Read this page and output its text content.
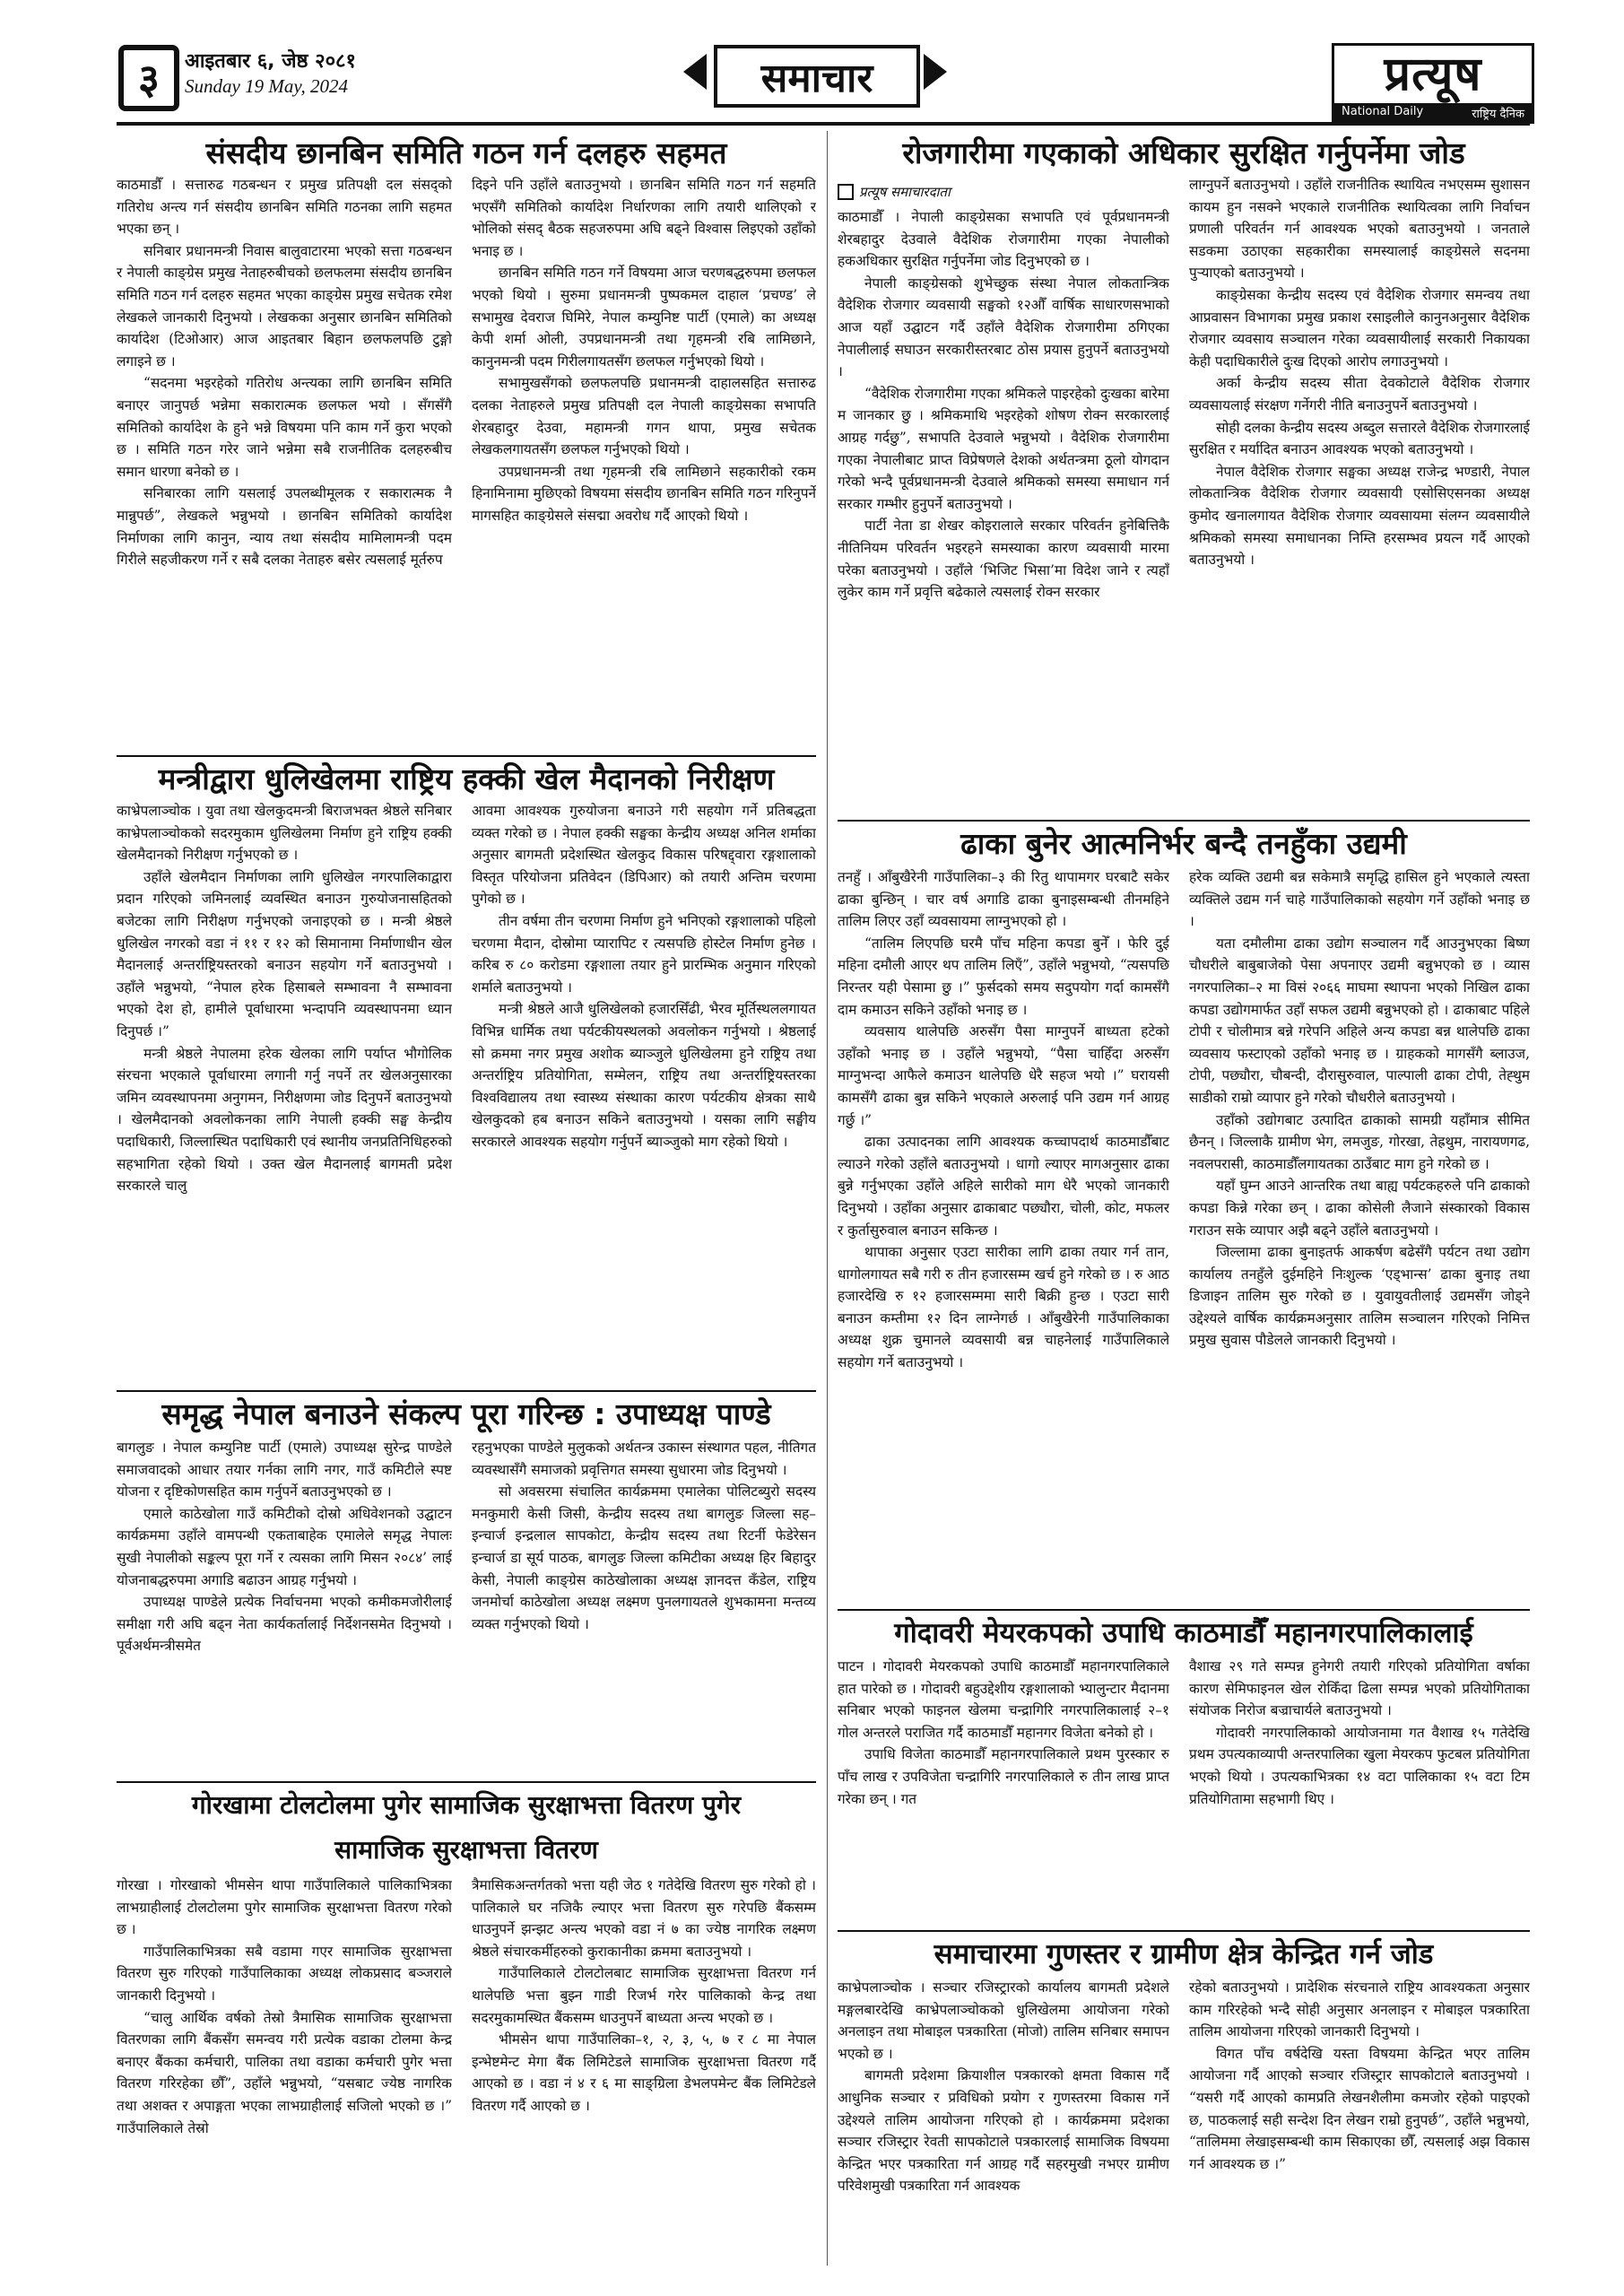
३ आइतबार ६, जेष्ठ २०८१
Sunday 19 May, 2024	समाचार	प्रत्यूष
National Daily	राष्ट्रिय दैनिक
संसदीय छानबिन समिति गठन गर्न दलहरु सहमत

काठमाडौँ । सत्तारुढ गठबन्धन र प्रमुख प्रतिपक्षी दल संसद्को गतिरोध अन्त्य गर्न संसदीय छानबिन समिति गठनका लागि सहमत भएका छन् ।

सनिबार प्रधानमन्त्री निवास बालुवाटारमा भएको सत्ता गठबन्धन र नेपाली काङ्ग्रेस प्रमुख नेताहरुबीचको छलफलमा संसदीय छानबिन समिति गठन गर्न दलहरु सहमत भएका काङ्ग्रेस प्रमुख सचेतक रमेश लेखकले जानकारी दिनुभयो । लेखकका अनुसार छानबिन समितिको कार्यादेश (टिओआर) आज आइतबार बिहान छलफलपछि टुङ्गो लगाइने छ ।

“सदनमा भइरहेको गतिरोध अन्त्यका लागि छानबिन समिति बनाएर जानुपर्छ भन्नेमा सकारात्मक छलफल भयो । सँगसँगै समितिको कार्यादेश के हुने भन्ने विषयमा पनि काम गर्ने कुरा भएको छ । समिति गठन गरेर जाने भन्नेमा सबै राजनीतिक दलहरुबीच समान धारणा बनेको छ ।

सनिबारका लागि यसलाई उपलब्धीमूलक र सकारात्मक नै मान्नुपर्छ”, लेखकले भन्नुभयो । छानबिन समितिको कार्यादेश निर्माणका लागि कानुन, न्याय तथा संसदीय मामिलामन्त्री पदम गिरीले सहजीकरण गर्ने र सबै दलका नेताहरु बसेर त्यसलाई मूर्तरुप

दिइने पनि उहाँले बताउनुभयो । छानबिन समिति गठन गर्न सहमति भएसँगै समितिको कार्यादेश निर्धारणका लागि तयारी थालिएको र भोलिको संसद् बैठक सहजरुपमा अघि बढ्ने विश्वास लिइएको उहाँको भनाइ छ ।

छानबिन समिति गठन गर्ने विषयमा आज चरणबद्धरुपमा छलफल भएको थियो । सुरुमा प्रधानमन्त्री पुष्पकमल दाहाल ‘प्रचण्ड’ ले सभामुख देवराज घिमिरे, नेपाल कम्युनिष्ट पार्टी (एमाले) का अध्यक्ष केपी शर्मा ओली, उपप्रधानमन्त्री तथा गृहमन्त्री रबि लामिछाने, कानुनमन्त्री पदम गिरीलगायतसँग छलफल गर्नुभएको थियो ।

सभामुखसँगको छलफलपछि प्रधानमन्त्री दाहालसहित सत्तारुढ दलका नेताहरुले प्रमुख प्रतिपक्षी दल नेपाली काङ्ग्रेसका सभापति शेरबहादुर देउवा, महामन्त्री गगन थापा, प्रमुख सचेतक लेखकलगायतसँग छलफल गर्नुभएको थियो ।

उपप्रधानमन्त्री तथा गृहमन्त्री रबि लामिछाने सहकारीको रकम हिनामिनामा मुछिएको विषयमा संसदीय छानबिन समिति गठन गरिनुपर्ने मागसहित काङ्ग्रेसले संसद्मा अवरोध गर्दै आएको थियो ।

मन्त्रीद्वारा धुलिखेलमा राष्ट्रिय हक्की खेल मैदानको निरीक्षण

काभ्रेपलाञ्चोक । युवा तथा खेलकुदमन्त्री बिराजभक्त श्रेष्ठले सनिबार काभ्रेपलाञ्चोकको सदरमुकाम धुलिखेलमा निर्माण हुने राष्ट्रिय हक्की खेलमैदानको निरीक्षण गर्नुभएको छ ।

उहाँले खेलमैदान निर्माणका लागि धुलिखेल नगरपालिकाद्वारा प्रदान गरिएको जमिनलाई व्यवस्थित बनाउन गुरुयोजनासहितको बजेटका लागि निरीक्षण गर्नुभएको जनाइएको छ । मन्त्री श्रेष्ठले धुलिखेल नगरको वडा नं ११ र १२ को सिमानामा निर्माणाधीन खेल मैदानलाई अन्तर्राष्ट्रियस्तरको बनाउन सहयोग गर्ने बताउनुभयो । उहाँले भन्नुभयो, “नेपाल हरेक हिसाबले सम्भावना नै सम्भावना भएको देश हो, हामीले पूर्वाधारमा भन्दापनि व्यवस्थापनमा ध्यान दिनुपर्छ ।”

मन्त्री श्रेष्ठले नेपालमा हरेक खेलका लागि पर्याप्त भौगोलिक संरचना भएकाले पूर्वाधारमा लगानी गर्नु नपर्ने तर खेलअनुसारका जमिन व्यवस्थापनमा अनुगमन, निरीक्षणमा जोड दिनुपर्ने बताउनुभयो । खेलमैदानको अवलोकनका लागि नेपाली हक्की सङ्घ केन्द्रीय पदाधिकारी, जिल्लास्थित पदाधिकारी एवं स्थानीय जनप्रतिनिधिहरुको सहभागिता रहेको थियो । उक्त खेल मैदानलाई बागमती प्रदेश सरकारले चालु

आवमा आवश्यक गुरुयोजना बनाउने गरी सहयोग गर्ने प्रतिबद्धता व्यक्त गरेको छ । नेपाल हक्की सङ्घका केन्द्रीय अध्यक्ष अनिल शर्माका अनुसार बागमती प्रदेशस्थित खेलकुद विकास परिषद्द्वारा रङ्गशालाको विस्तृत परियोजना प्रतिवेदन (डिपिआर) को तयारी अन्तिम चरणमा पुगेको छ ।

तीन वर्षमा तीन चरणमा निर्माण हुने भनिएको रङ्गशालाको पहिलो चरणमा मैदान, दोस्रोमा प्यारापिट र त्यसपछि होस्टेल निर्माण हुनेछ । करिब रु ८० करोडमा रङ्गशाला तयार हुने प्रारम्भिक अनुमान गरिएको शर्माले बताउनुभयो ।

मन्त्री श्रेष्ठले आजै धुलिखेलको हजारसिँढी, भैरव मूर्तिस्थललगायत विभिन्न धार्मिक तथा पर्यटकीयस्थलको अवलोकन गर्नुभयो । श्रेष्ठलाई सो क्रममा नगर प्रमुख अशोक ब्याञ्जुले धुलिखेलमा हुने राष्ट्रिय तथा अन्तर्राष्ट्रिय प्रतियोगिता, सम्मेलन, राष्ट्रिय तथा अन्तर्राष्ट्रियस्तरका विश्वविद्यालय तथा स्वास्थ्य संस्थाका कारण पर्यटकीय क्षेत्रका साथै खेलकुदको हब बनाउन सकिने बताउनुभयो । यसका लागि सङ्घीय सरकारले आवश्यक सहयोग गर्नुपर्ने ब्याञ्जुको माग रहेको थियो ।

समृद्ध नेपाल बनाउने संकल्प पूरा गरिन्छ : उपाध्यक्ष पाण्डे

बागलुङ । नेपाल कम्युनिष्ट पार्टी (एमाले) उपाध्यक्ष सुरेन्द्र पाण्डेले समाजवादको आधार तयार गर्नका लागि नगर, गाउँ कमिटीले स्पष्ट योजना र दृष्टिकोणसहित काम गर्नुपर्ने बताउनुभएको छ ।

एमाले काठेखोला गाउँ कमिटीको दोस्रो अधिवेशनको उद्घाटन कार्यक्रममा उहाँले वामपन्थी एकताबाहेक एमालेले समृद्ध नेपालः सुखी नेपालीको सङ्कल्प पूरा गर्ने र त्यसका लागि मिसन २०८४’ लाई योजनाबद्धरुपमा अगाडि बढाउन आग्रह गर्नुभयो ।

उपाध्यक्ष पाण्डेले प्रत्येक निर्वाचनमा भएको कमीकमजोरीलाई समीक्षा गरी अघि बढ्न नेता कार्यकर्तालाई निर्देशनसमेत दिनुभयो । पूर्वअर्थमन्त्रीसमेत

रहनुभएका पाण्डेले मुलुकको अर्थतन्त्र उकास्न संस्थागत पहल, नीतिगत व्यवस्थासँगै समाजको प्रवृत्तिगत समस्या सुधारमा जोड दिनुभयो ।

सो अवसरमा संचालित कार्यक्रममा एमालेका पोलिटब्युरो सदस्य मनकुमारी केसी जिसी, केन्द्रीय सदस्य तथा बागलुङ जिल्ला सह–इन्चार्ज इन्द्रलाल सापकोटा, केन्द्रीय सदस्य तथा रिटर्नी फेडेरेसन इन्चार्ज डा सूर्य पाठक, बागलुङ जिल्ला कमिटीका अध्यक्ष हिर बिहादुर केसी, नेपाली काङ्ग्रेस काठेखोलाका अध्यक्ष ज्ञानदत्त कँडेल, राष्ट्रिय जनमोर्चा काठेखोला अध्यक्ष लक्ष्मण पुनलगायतले शुभकामना मन्तव्य व्यक्त गर्नुभएको थियो ।

गोरखामा टोलटोलमा पुगेर सामाजिक सुरक्षाभत्ता वितरण पुगेर
सामाजिक सुरक्षाभत्ता वितरण

गोरखा । गोरखाको भीमसेन थापा गाउँपालिकाले पालिकाभित्रका लाभग्राहीलाई टोलटोलमा पुगेर सामाजिक सुरक्षाभत्ता वितरण गरेको छ ।

गाउँपालिकाभित्रका सबै वडामा गएर सामाजिक सुरक्षाभत्ता वितरण सुरु गरिएको गाउँपालिकाका अध्यक्ष लोकप्रसाद बञ्जराले जानकारी दिनुभयो ।

“चालु आर्थिक वर्षको तेस्रो त्रैमासिक सामाजिक सुरक्षाभत्ता वितरणका लागि बैंकसँग समन्वय गरी प्रत्येक वडाका टोलमा केन्द्र बनाएर बैंकका कर्मचारी, पालिका तथा वडाका कर्मचारी पुगेर भत्ता वितरण गरिरहेका छौँ”, उहाँले भन्नुभयो, “यसबाट ज्येष्ठ नागरिक तथा अशक्त र अपाङ्गता भएका लाभग्राहीलाई सजिलो भएको छ ।” गाउँपालिकाले तेस्रो

त्रैमासिकअन्तर्गतको भत्ता यही जेठ १ गतेदेखि वितरण सुरु गरेको हो । पालिकाले घर नजिकै ल्याएर भत्ता वितरण सुरु गरेपछि बैंकसम्म धाउनुपर्ने झन्झट अन्त्य भएको वडा नं ७ का ज्येष्ठ नागरिक लक्ष्मण श्रेष्ठले संचारकर्मीहरुको कुराकानीका क्रममा बताउनुभयो ।

गाउँपालिकाले टोलटोलबाट सामाजिक सुरक्षाभत्ता वितरण गर्न थालेपछि भत्ता बुझ्न गाडी रिजर्भ गरेर पालिकाको केन्द्र तथा सदरमुकामस्थित बैंकसम्म धाउनुपर्ने बाध्यता अन्त्य भएको छ ।

भीमसेन थापा गाउँपालिका–१, २, ३, ५, ७ र ८ मा नेपाल इन्भेष्टमेन्ट मेगा बैंक लिमिटेडले सामाजिक सुरक्षाभत्ता वितरण गर्दै आएको छ । वडा नं ४ र ६ मा साङ्ग्रिला डेभलपमेन्ट बैंक लिमिटेडले वितरण गर्दै आएको छ ।

रोजगारीमा गएकाको अधिकार सुरक्षित गर्नुपर्नेमा जोड
प्रत्यूष समाचारदाता

काठमाडौँ । नेपाली काङ्ग्रेसका सभापति एवं पूर्वप्रधानमन्त्री शेरबहादुर देउवाले वैदेशिक रोजगारीमा गएका नेपालीको हकअधिकार सुरक्षित गर्नुपर्नेमा जोड दिनुभएको छ ।

नेपाली काङ्ग्रेसको शुभेच्छुक संस्था नेपाल लोकतान्त्रिक वैदेशिक रोजगार व्यवसायी सङ्घको १२औँ वार्षिक साधारणसभाको आज यहाँ उद्घाटन गर्दै उहाँले वैदेशिक रोजगारीमा ठगिएका नेपालीलाई सघाउन सरकारीस्तरबाट ठोस प्रयास हुनुपर्ने बताउनुभयो ।

“वैदेशिक रोजगारीमा गएका श्रमिकले पाइरहेको दुःखका बारेमा म जानकार छु । श्रमिकमाथि भइरहेको शोषण रोक्न सरकारलाई आग्रह गर्दछु”, सभापति देउवाले भन्नुभयो । वैदेशिक रोजगारीमा गएका नेपालीबाट प्राप्त विप्रेषणले देशको अर्थतन्त्रमा ठूलो योगदान गरेको भन्दै पूर्वप्रधानमन्त्री देउवाले श्रमिकको समस्या समाधान गर्न सरकार गम्भीर हुनुपर्ने बताउनुभयो ।

पार्टी नेता डा शेखर कोइरालाले सरकार परिवर्तन हुनेबित्तिकै नीतिनियम परिवर्तन भइरहने समस्याका कारण व्यवसायी मारमा परेका बताउनुभयो । उहाँले ‘भिजिट भिसा’मा विदेश जाने र त्यहाँ लुकेर काम गर्ने प्रवृत्ति बढेकाले त्यसलाई रोक्न सरकार

लाग्नुपर्ने बताउनुभयो । उहाँले राजनीतिक स्थायित्व नभएसम्म सुशासन कायम हुन नसक्ने भएकाले राजनीतिक स्थायित्वका लागि निर्वाचन प्रणाली परिवर्तन गर्न आवश्यक भएको बताउनुभयो । जनताले सडकमा उठाएका सहकारीका समस्यालाई काङ्ग्रेसले सदनमा पुऱ्याएको बताउनुभयो ।

काङ्ग्रेसका केन्द्रीय सदस्य एवं वैदेशिक रोजगार समन्वय तथा आप्रवासन विभागका प्रमुख प्रकाश रसाइलीले कानुनअनुसार वैदेशिक रोजगार व्यवसाय सञ्चालन गरेका व्यवसायीलाई सरकारी निकायका केही पदाधिकारीले दुःख दिएको आरोप लगाउनुभयो ।

अर्का केन्द्रीय सदस्य सीता देवकोटाले वैदेशिक रोजगार व्यवसायलाई संरक्षण गर्नेगरी नीति बनाउनुपर्ने बताउनुभयो ।

सोही दलका केन्द्रीय सदस्य अब्दुल सत्तारले वैदेशिक रोजगारलाई सुरक्षित र मर्यादित बनाउन आवश्यक भएको बताउनुभयो ।

नेपाल वैदेशिक रोजगार सङ्घका अध्यक्ष राजेन्द्र भण्डारी, नेपाल लोकतान्त्रिक वैदेशिक रोजगार व्यवसायी एसोसिएसनका अध्यक्ष कुमोद खनालगायत वैदेशिक रोजगार व्यवसायमा संलग्न व्यवसायीले श्रमिकको समस्या समाधानका निम्ति हरसम्भव प्रयत्न गर्दै आएको बताउनुभयो ।

ढाका बुनेर आत्मनिर्भर बन्दै तनहुँका उद्यमी

तनहुँ । आँबुखैरेनी गाउँपालिका–३ की रितु थापामगर घरबाटै सकेर ढाका बुन्छिन् । चार वर्ष अगाडि ढाका बुनाइसम्बन्धी तीनमहिने तालिम लिएर उहाँ व्यवसायमा लाग्नुभएको हो ।

“तालिम लिएपछि घरमै पाँच महिना कपडा बुनेँ । फेरि दुई महिना दमौली आएर थप तालिम लिएँ”, उहाँले भन्नुभयो, “त्यसपछि निरन्तर यही पेसामा छु ।” फुर्सदको समय सदुपयोग गर्दा कामसँगै दाम कमाउन सकिने उहाँको भनाइ छ ।

व्यवसाय थालेपछि अरुसँग पैसा माग्नुपर्ने बाध्यता हटेको उहाँको भनाइ छ । उहाँले भन्नुभयो, “पैसा चाहिँदा अरुसँग माग्नुभन्दा आफैले कमाउन थालेपछि धेरै सहज भयो ।” घरायसी कामसँगै ढाका बुन्न सकिने भएकाले अरुलाई पनि उद्यम गर्न आग्रह गर्छु ।”

ढाका उत्पादनका लागि आवश्यक कच्चापदार्थ काठमाडौँबाट ल्याउने गरेको उहाँले बताउनुभयो । धागो ल्याएर मागअनुसार ढाका बुन्ने गर्नुभएका उहाँले अहिले सारीको माग धेरै भएको जानकारी दिनुभयो । उहाँका अनुसार ढाकाबाट पछ्यौरा, चोली, कोट, मफलर र कुर्तासुरुवाल बनाउन सकिन्छ ।

थापाका अनुसार एउटा सारीका लागि ढाका तयार गर्न तान, धागोलगायत सबै गरी रु तीन हजारसम्म खर्च हुने गरेको छ । रु आठ हजारदेखि रु १२ हजारसम्ममा सारी बिक्री हुन्छ । एउटा सारी बनाउन कम्तीमा १२ दिन लाग्नेगर्छ । आँबुखैरेनी गाउँपालिकाका अध्यक्ष शुक्र चुमानले व्यवसायी बन्न चाहनेलाई गाउँपालिकाले सहयोग गर्ने बताउनुभयो ।

हरेक व्यक्ति उद्यमी बन्न सकेमात्रै समृद्धि हासिल हुने भएकाले त्यस्ता व्यक्तिले उद्यम गर्न चाहे गाउँपालिकाको सहयोग गर्ने उहाँको भनाइ छ ।

यता दमौलीमा ढाका उद्योग सञ्चालन गर्दै आउनुभएका बिष्ण चौधरीले बाबुबाजेको पेसा अपनाएर उद्यमी बन्नुभएको छ । व्यास नगरपालिका–२ मा विसं २०६६ माघमा स्थापना भएको निखिल ढाका कपडा उद्योगमार्फत उहाँ सफल उद्यमी बन्नुभएको हो । ढाकाबाट पहिले टोपी र चोलीमात्र बन्ने गरेपनि अहिले अन्य कपडा बन्न थालेपछि ढाका व्यवसाय फस्टाएको उहाँको भनाइ छ । ग्राहकको मागसँगै ब्लाउज, टोपी, पछ्यौरा, चौबन्दी, दौरासुरुवाल, पाल्पाली ढाका टोपी, तेह्थुम साडीको राम्रो व्यापार हुने गरेको चौधरीले बताउनुभयो ।

उहाँको उद्योगबाट उत्पादित ढाकाको सामग्री यहाँमात्र सीमित छैनन् । जिल्लाकै ग्रामीण भेग, लमजुङ, गोरखा, तेह्रथुम, नारायणगढ, नवलपरासी, काठमाडौँलगायतका ठाउँबाट माग हुने गरेको छ ।

यहाँ घुम्न आउने आन्तरिक तथा बाह्य पर्यटकहरुले पनि ढाकाको कपडा किन्ने गरेका छन् । ढाका कोसेली लैजाने संस्कारको विकास गराउन सके व्यापार अझै बढ्ने उहाँले बताउनुभयो ।

जिल्लामा ढाका बुनाइतर्फ आकर्षण बढेसँगै पर्यटन तथा उद्योग कार्यालय तनहुँले दुईमहिने निःशुल्क ‘एड्भान्स’ ढाका बुनाइ तथा डिजाइन तालिम सुरु गरेको छ । युवायुवतीलाई उद्यमसँग जोड्ने उद्देश्यले वार्षिक कार्यक्रमअनुसार तालिम सञ्चालन गरिएको निमित्त प्रमुख सुवास पौडेलले जानकारी दिनुभयो ।

गोदावरी मेयरकपको उपाधि काठमाडौँ महानगरपालिकालाई

पाटन । गोदावरी मेयरकपको उपाधि काठमाडौँ महानगरपालिकाले हात पारेको छ । गोदावरी बहुउद्देशीय रङ्गशालाको भ्यालुन्टार मैदानमा सनिबार भएको फाइनल खेलमा चन्द्रागिरि नगरपालिकालाई २–१ गोल अन्तरले पराजित गर्दै काठमाडौँ महानगर विजेता बनेको हो ।

उपाधि विजेता काठमाडौँ महानगरपालिकाले प्रथम पुरस्कार रु पाँच लाख र उपविजेता चन्द्रागिरि नगरपालिकाले रु तीन लाख प्राप्त गरेका छन् । गत

वैशाख २९ गते सम्पन्न हुनेगरी तयारी गरिएको प्रतियोगिता वर्षाका कारण सेमिफाइनल खेल रोकिँदा ढिला सम्पन्न भएको प्रतियोगिताका संयोजक निरोज बज्राचार्यले बताउनुभयो ।

गोदावरी नगरपालिकाको आयोजनामा गत वैशाख १५ गतेदेखि प्रथम उपत्यकाव्यापी अन्तरपालिका खुला मेयरकप फुटबल प्रतियोगिता भएको थियो । उपत्यकाभित्रका १४ वटा पालिकाका १५ वटा टिम प्रतियोगितामा सहभागी थिए ।

समाचारमा गुणस्तर र ग्रामीण क्षेत्र केन्द्रित गर्न जोड

काभ्रेपलाञ्चोक । सञ्चार रजिस्ट्रारको कार्यालय बागमती प्रदेशले मङ्गलबारदेखि काभ्रेपलाञ्चोकको धुलिखेलमा आयोजना गरेको अनलाइन तथा मोबाइल पत्रकारिता (मोजो) तालिम सनिबार समापन भएको छ ।

बागमती प्रदेशमा क्रियाशील पत्रकारको क्षमता विकास गर्दै आधुनिक सञ्चार र प्रविधिको प्रयोग र गुणस्तरमा विकास गर्ने उद्देश्यले तालिम आयोजना गरिएको हो । कार्यक्रममा प्रदेशका सञ्चार रजिस्ट्रार रेवती सापकोटाले पत्रकारलाई सामाजिक विषयमा केन्द्रित भएर पत्रकारिता गर्न आग्रह गर्दै सहरमुखी नभएर ग्रामीण परिवेशमुखी पत्रकारिता गर्न आवश्यक

रहेको बताउनुभयो । प्रादेशिक संरचनाले राष्ट्रिय आवश्यकता अनुसार काम गरिरहेको भन्दै सोही अनुसार अनलाइन र मोबाइल पत्रकारिता तालिम आयोजना गरिएको जानकारी दिनुभयो ।

विगत पाँच वर्षदेखि यस्ता विषयमा केन्द्रित भएर तालिम आयोजना गर्दै आएको सञ्चार रजिस्ट्रार सापकोटाले बताउनुभयो । “यसरी गर्दै आएको कामप्रति लेखनशैलीमा कमजोर रहेको पाइएको छ, पाठकलाई सही सन्देश दिन लेखन राम्रो हुनुपर्छ”, उहाँले भन्नुभयो, “तालिममा लेखाइसम्बन्धी काम सिकाएका छौँ, त्यसलाई अझ विकास गर्न आवश्यक छ ।”
